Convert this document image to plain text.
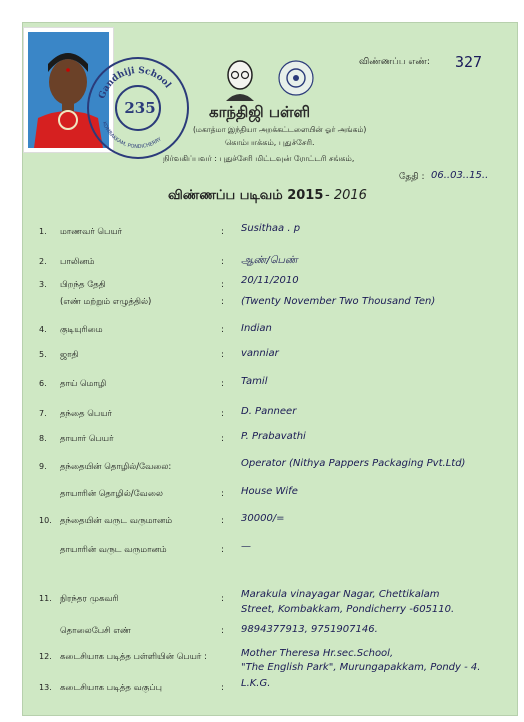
Gandhiji School
KOMBAKKAM, PONDICHERRY
235
விண்ணப்ப எண்: 327
காந்திஜி பள்ளி
(மகாத்மா இந்தியா அறக்கட்டளையின் ஓர் அங்கம்)
கொம்பாக்கம், புதுச்சேரி.
நிர்வகிப்பவர் : புதுச்சேரி மிட்டவுன் ரோட்டரி சங்கம்,
தேதி : 06..03..15..
விண்ணப்ப படிவம் 2015 - 2016
1. மாணவர் பெயர்	: Susithaa . p
2. பாலினம்	: ஆண்/பெண்
3. பிறந்த தேதி	: 20/11/2010
(எண் மற்றும் எழுத்தில்)	: (Twenty November Two Thousand Ten)
4. குடியுரிமை	: Indian
5. ஜாதி	: vanniar
6. தாய் மொழி	: Tamil
7. தந்தை பெயர்	: D. Panneer
8. தாயார் பெயர்	: P. Prabavathi
9. தந்தையின் தொழில்/வேலை:	Operator (Nithya Pappers Packaging Pvt.Ltd)
தாயாரின் தொழில்/வேலை	: House Wife
10. தந்தையின் வருட வருமானம்	: 30000/=
தாயாரின் வருட வருமானம்	: —
11. நிரந்தர முகவரி	: Marakula vinayagar Nagar, Chettikalam
Street, Kombakkam, Pondicherry -605110.
தொலைபேசி எண்	: 9894377913, 9751907146.
12. கடைசியாக படித்த பள்ளியின் பெயர் :	Mother Theresa Hr.sec.School,
"The English Park", Murungapakkam, Pondy - 4.
13. கடைசியாக படித்த வகுப்பு	: L.K.G.
